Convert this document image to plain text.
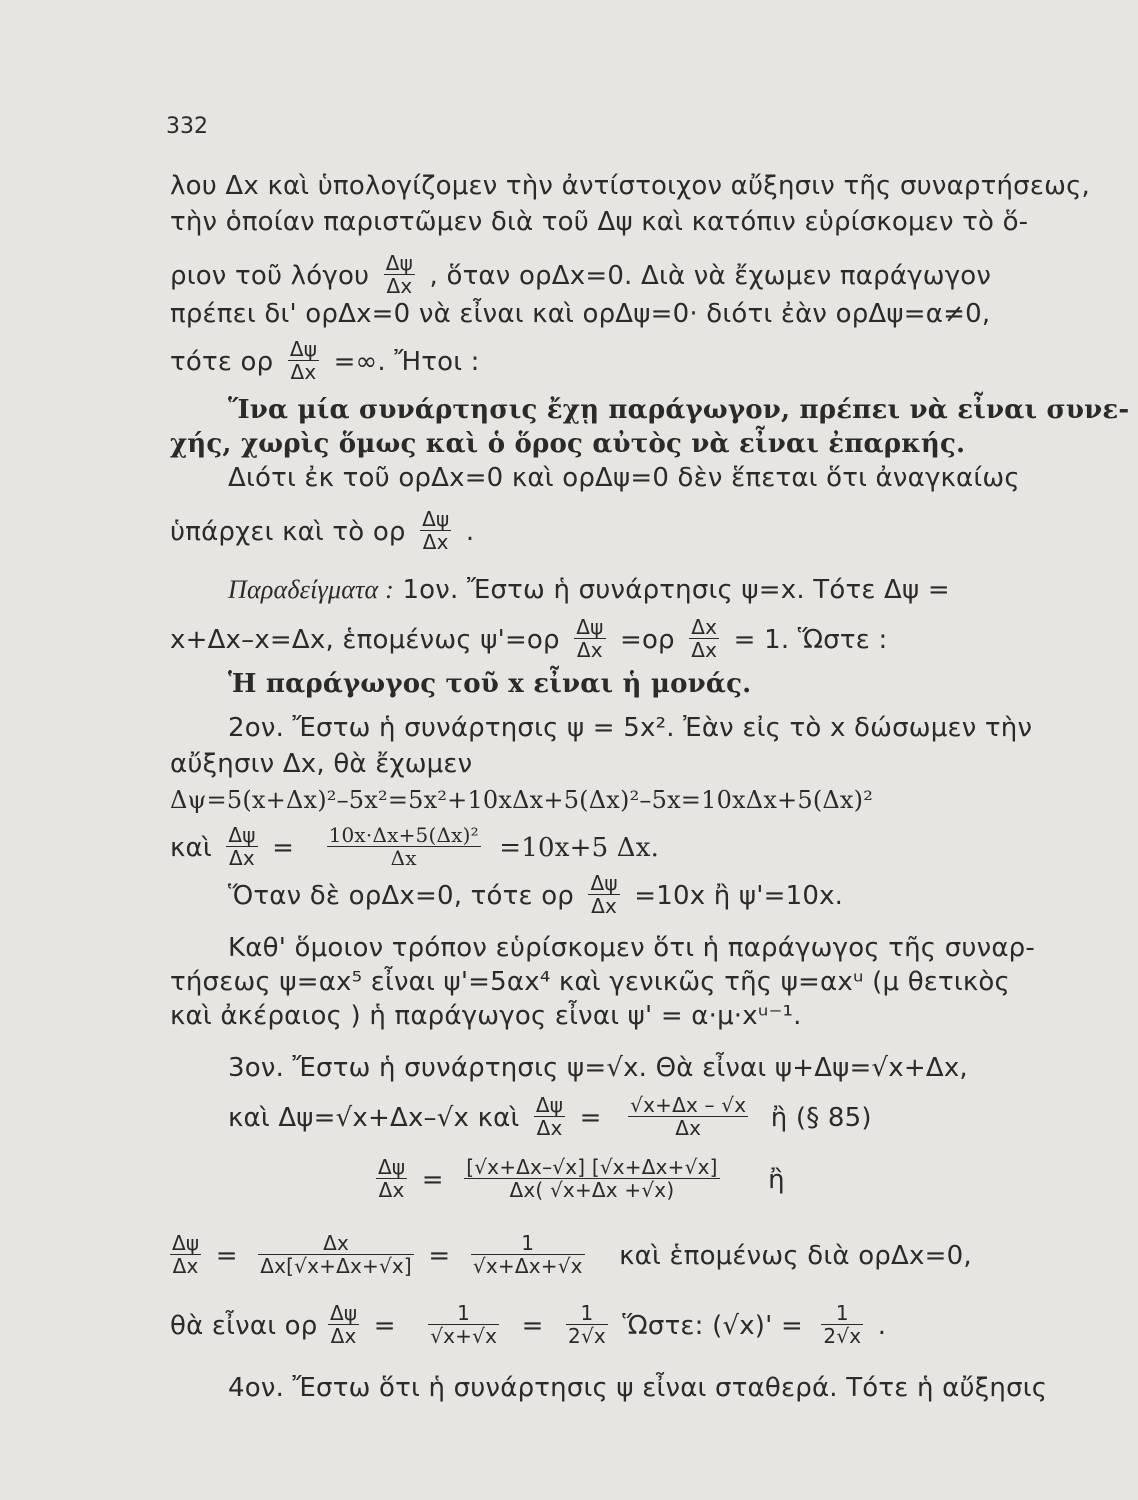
332
λου Δx καὶ ὑπολογίζομεν τὴν ἀντίστοιχον αὔξησιν τῆς συναρτήσεως,
τὴν ὁποίαν παριστῶμεν διὰ τοῦ Δψ καὶ κατόπιν εὑρίσκομεν τὸ ὅ-
ριον τοῦ λόγου $\frac{\Delta\psi}{\Delta x}$ , ὅταν ορΔx=0. Διὰ νὰ ἔχωμεν παράγωγον
πρέπει δι' ορΔx=0 νὰ εἶναι καὶ ορΔψ=0· διότι ἐὰν ορΔψ=α≠0,
τότε ορ $\frac{\Delta\psi}{\Delta x}$ =∞. Ἤτοι :
Ἵνα μία συνάρτησις ἔχῃ παράγωγον, πρέπει νὰ εἶναι συνε-
χής, χωρὶς ὅμως καὶ ὁ ὅρος αὐτὸς νὰ εἶναι ἐπαρκής.
Διότι ἐκ τοῦ ορΔx=0 καὶ ορΔψ=0 δὲν ἕπεται ὅτι ἀναγκαίως
ὑπάρχει καὶ τὸ ορ $\frac{\Delta\psi}{\Delta x}$ .
Παραδείγματα : 1ον. Ἔστω ἡ συνάρτησις ψ=x. Τότε Δψ =
x+Δx–x=Δx, ἑπομένως $\psi'=o\rho \frac{\Delta\psi}{\Delta x} =o\rho \frac{\Delta x}{\Delta x} = 1$. Ὥστε :
Ἡ παράγωγος τοῦ x εἶναι ἡ μονάς.
2ον. Ἔστω ἡ συνάρτησις ψ = 5x². Ἐὰν εἰς τὸ x δώσωμεν τὴν
αὔξησιν Δx, θὰ ἔχωμεν
Δψ=5(x+Δx)²–5x²=5x²+10xΔx+5(Δx)²–5x=10xΔx+5(Δx)²
καὶ $\frac{\Delta\psi}{\Delta x} = \frac{\text{10x·Δx+5(Δx)²}}{\Delta x} =10x+5$ Δx.
Ὅταν δὲ ορΔx=0, τότε ορ $\frac{\Delta\psi}{\Delta x} =10x$ ἢ ψ'=10x.
Καθ' ὅμοιον τρόπον εὑρίσκομεν ὅτι ἡ παράγωγος τῆς συναρ-
τήσεως ψ=αx⁵ εἶναι ψ'=5αx⁴ καὶ γενικῶς τῆς ψ=αxᵘ (μ θετικὸς
καὶ ἀκέραιος ) ἡ παράγωγος εἶναι ψ' = α·μ·xᵘ⁻¹.
3ον. Ἔστω ἡ συνάρτησις ψ=√x. Θὰ εἶναι ψ+Δψ=√x+Δx,
καὶ Δψ=√x+Δx–√x καὶ $\frac{\Delta\psi}{\Delta x} = \frac{√x+\Delta x - √x}{\Delta x}$ ἢ (§ 85)
$\frac{\Delta\psi}{\Delta x} = \frac{[√x+\Delta x-√x] [√x+\Delta x+√x]}{\Delta x( √x+\Delta x +√x)}$ ἢ
$\frac{\Delta\psi}{\Delta x} = \frac{\Delta x}{\Delta x[√x+\Delta x+√x]} = \frac{1}{√x+\Delta x+√x}$ καὶ ἑπομένως διὰ ορΔx=0,
θὰ εἶναι ορ $\frac{\Delta\psi}{\Delta x} = \frac{1}{√x+√x} = \frac{1}{2√x}$ Ὥστε: $(√x)' = \frac{1}{2√x}$ .
4ον. Ἔστω ὅτι ἡ συνάρτησις ψ εἶναι σταθερά. Τότε ἡ αὔξησις
